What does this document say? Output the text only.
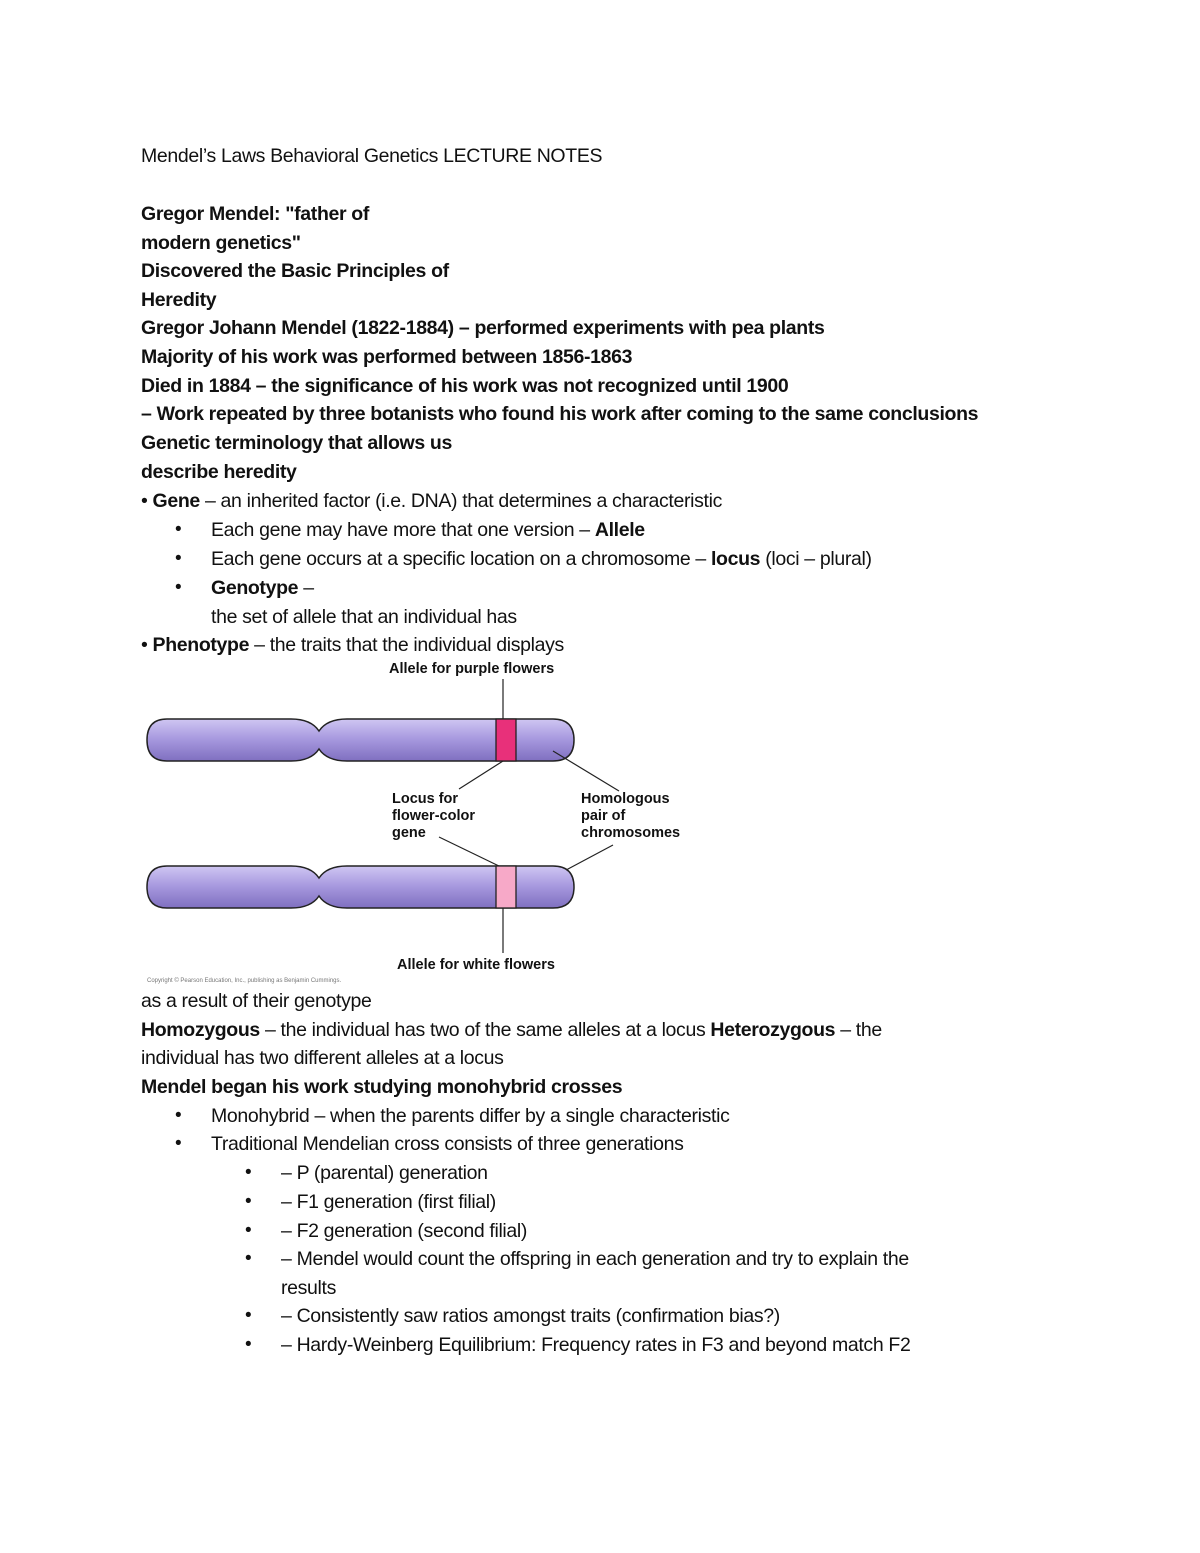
Mendel’s Laws Behavioral Genetics LECTURE NOTES
Gregor Mendel: "father of
modern genetics"
Discovered the Basic Principles of
Heredity
Gregor Johann Mendel (1822-1884) – performed experiments with pea plants
Majority of his work was performed between 1856-1863
Died in 1884 – the significance of his work was not recognized until 1900
– Work repeated by three botanists who found his work after coming to the same conclusions
Genetic terminology that allows us
describe heredity
• Gene – an inherited factor (i.e. DNA) that determines a characteristic
• Each gene may have more that one version – Allele
• Each gene occurs at a specific location on a chromosome – locus (loci – plural)
• Genotype –
the set of allele that an individual has
• Phenotype – the traits that the individual displays
Allele for purple flowers
Locus for
flower-color
gene
Homologous
pair of
chromosomes
Allele for white flowers
Copyright © Pearson Education, Inc., publishing as Benjamin Cummings.
as a result of their genotype
Homozygous – the individual has two of the same alleles at a locus Heterozygous – the
individual has two different alleles at a locus
Mendel began his work studying monohybrid crosses
• Monohybrid – when the parents differ by a single characteristic
• Traditional Mendelian cross consists of three generations
• – P (parental) generation
• – F1 generation (first filial)
• – F2 generation (second filial)
• – Mendel would count the offspring in each generation and try to explain the
results
• – Consistently saw ratios amongst traits (confirmation bias?)
• – Hardy-Weinberg Equilibrium: Frequency rates in F3 and beyond match F2
